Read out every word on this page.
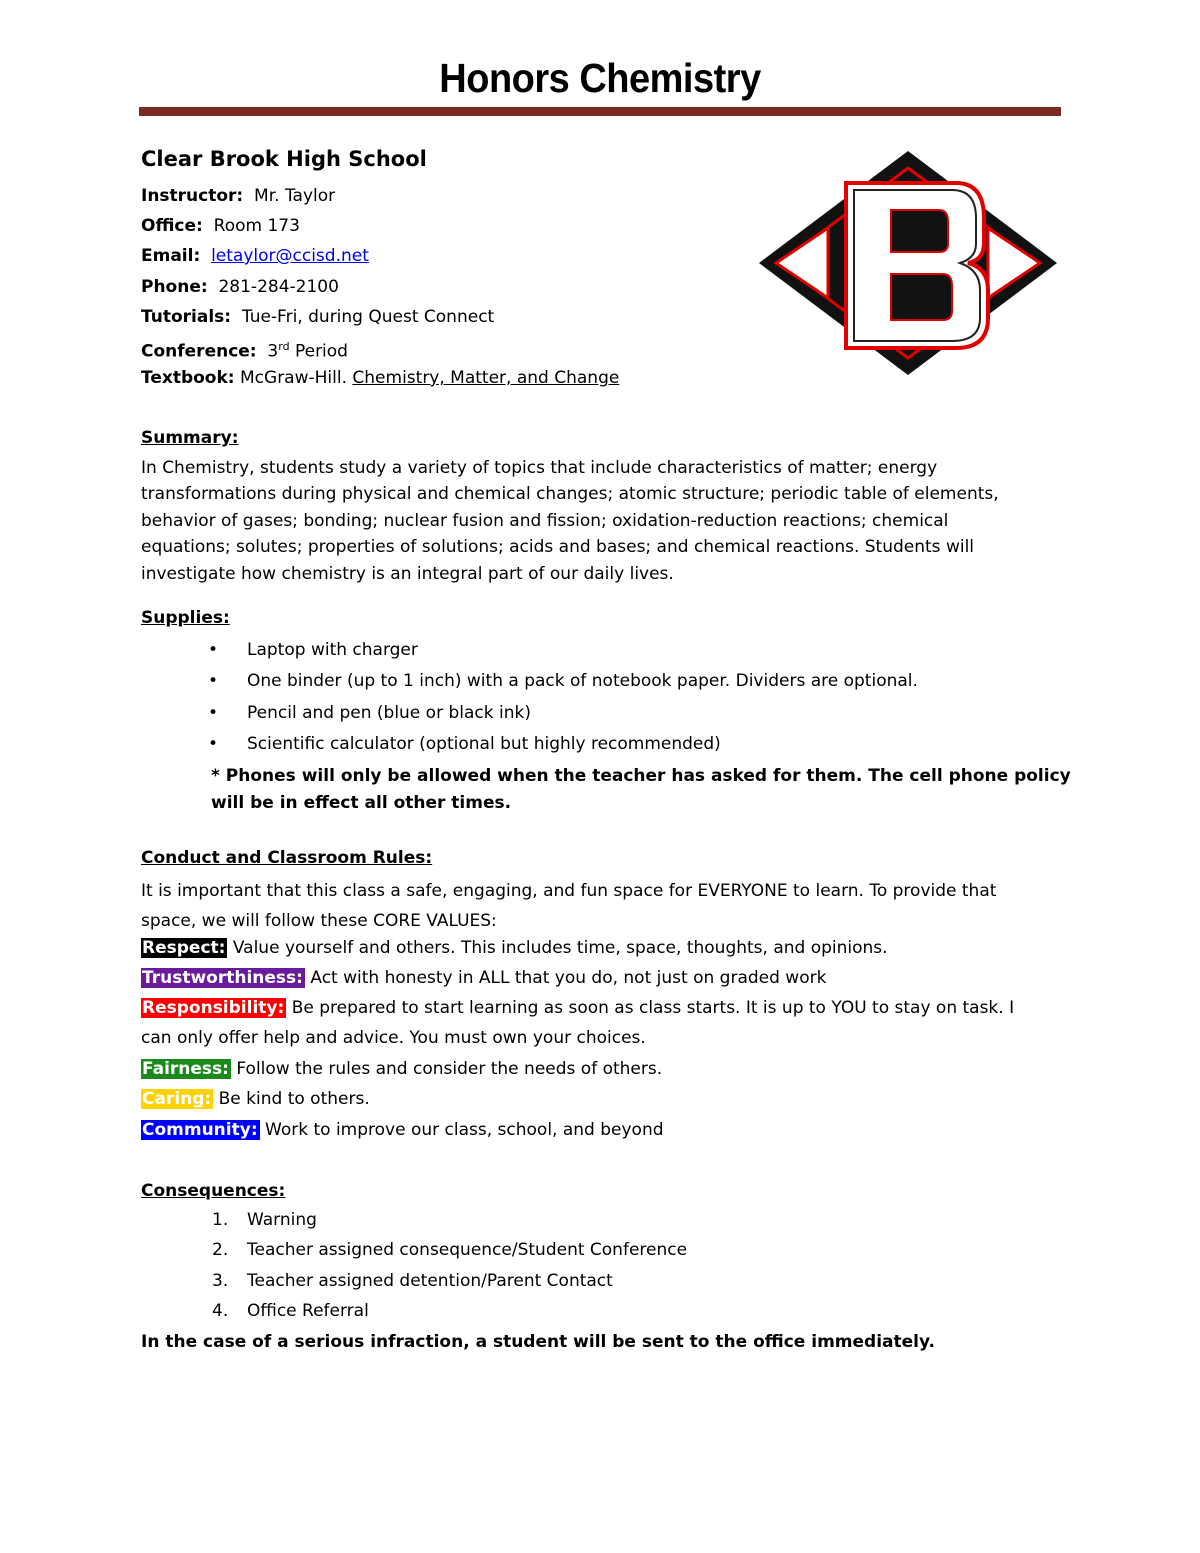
Honors Chemistry
Clear Brook High School
Instructor: Mr. Taylor
Office: Room 173
Email: letaylor@ccisd.net
Phone: 281-284-2100
Tutorials: Tue-Fri, during Quest Connect
Conference: 3rd Period
Textbook: McGraw-Hill. Chemistry, Matter, and Change
Summary:
In Chemistry, students study a variety of topics that include characteristics of matter; energy transformations during physical and chemical changes; atomic structure; periodic table of elements, behavior of gases; bonding; nuclear fusion and fission; oxidation-reduction reactions; chemical equations; solutes; properties of solutions; acids and bases; and chemical reactions. Students will investigate how chemistry is an integral part of our daily lives.
Supplies:
• Laptop with charger
• One binder (up to 1 inch) with a pack of notebook paper. Dividers are optional.
• Pencil and pen (blue or black ink)
• Scientific calculator (optional but highly recommended)
* Phones will only be allowed when the teacher has asked for them. The cell phone policy will be in effect all other times.
Conduct and Classroom Rules:
It is important that this class a safe, engaging, and fun space for EVERYONE to learn. To provide that space, we will follow these CORE VALUES:
Respect: Value yourself and others. This includes time, space, thoughts, and opinions.
Trustworthiness: Act with honesty in ALL that you do, not just on graded work
Responsibility: Be prepared to start learning as soon as class starts. It is up to YOU to stay on task. I
can only offer help and advice. You must own your choices.
Fairness: Follow the rules and consider the needs of others.
Caring: Be kind to others.
Community: Work to improve our class, school, and beyond
Consequences:
1. Warning
2. Teacher assigned consequence/Student Conference
3. Teacher assigned detention/Parent Contact
4. Office Referral
In the case of a serious infraction, a student will be sent to the office immediately.
